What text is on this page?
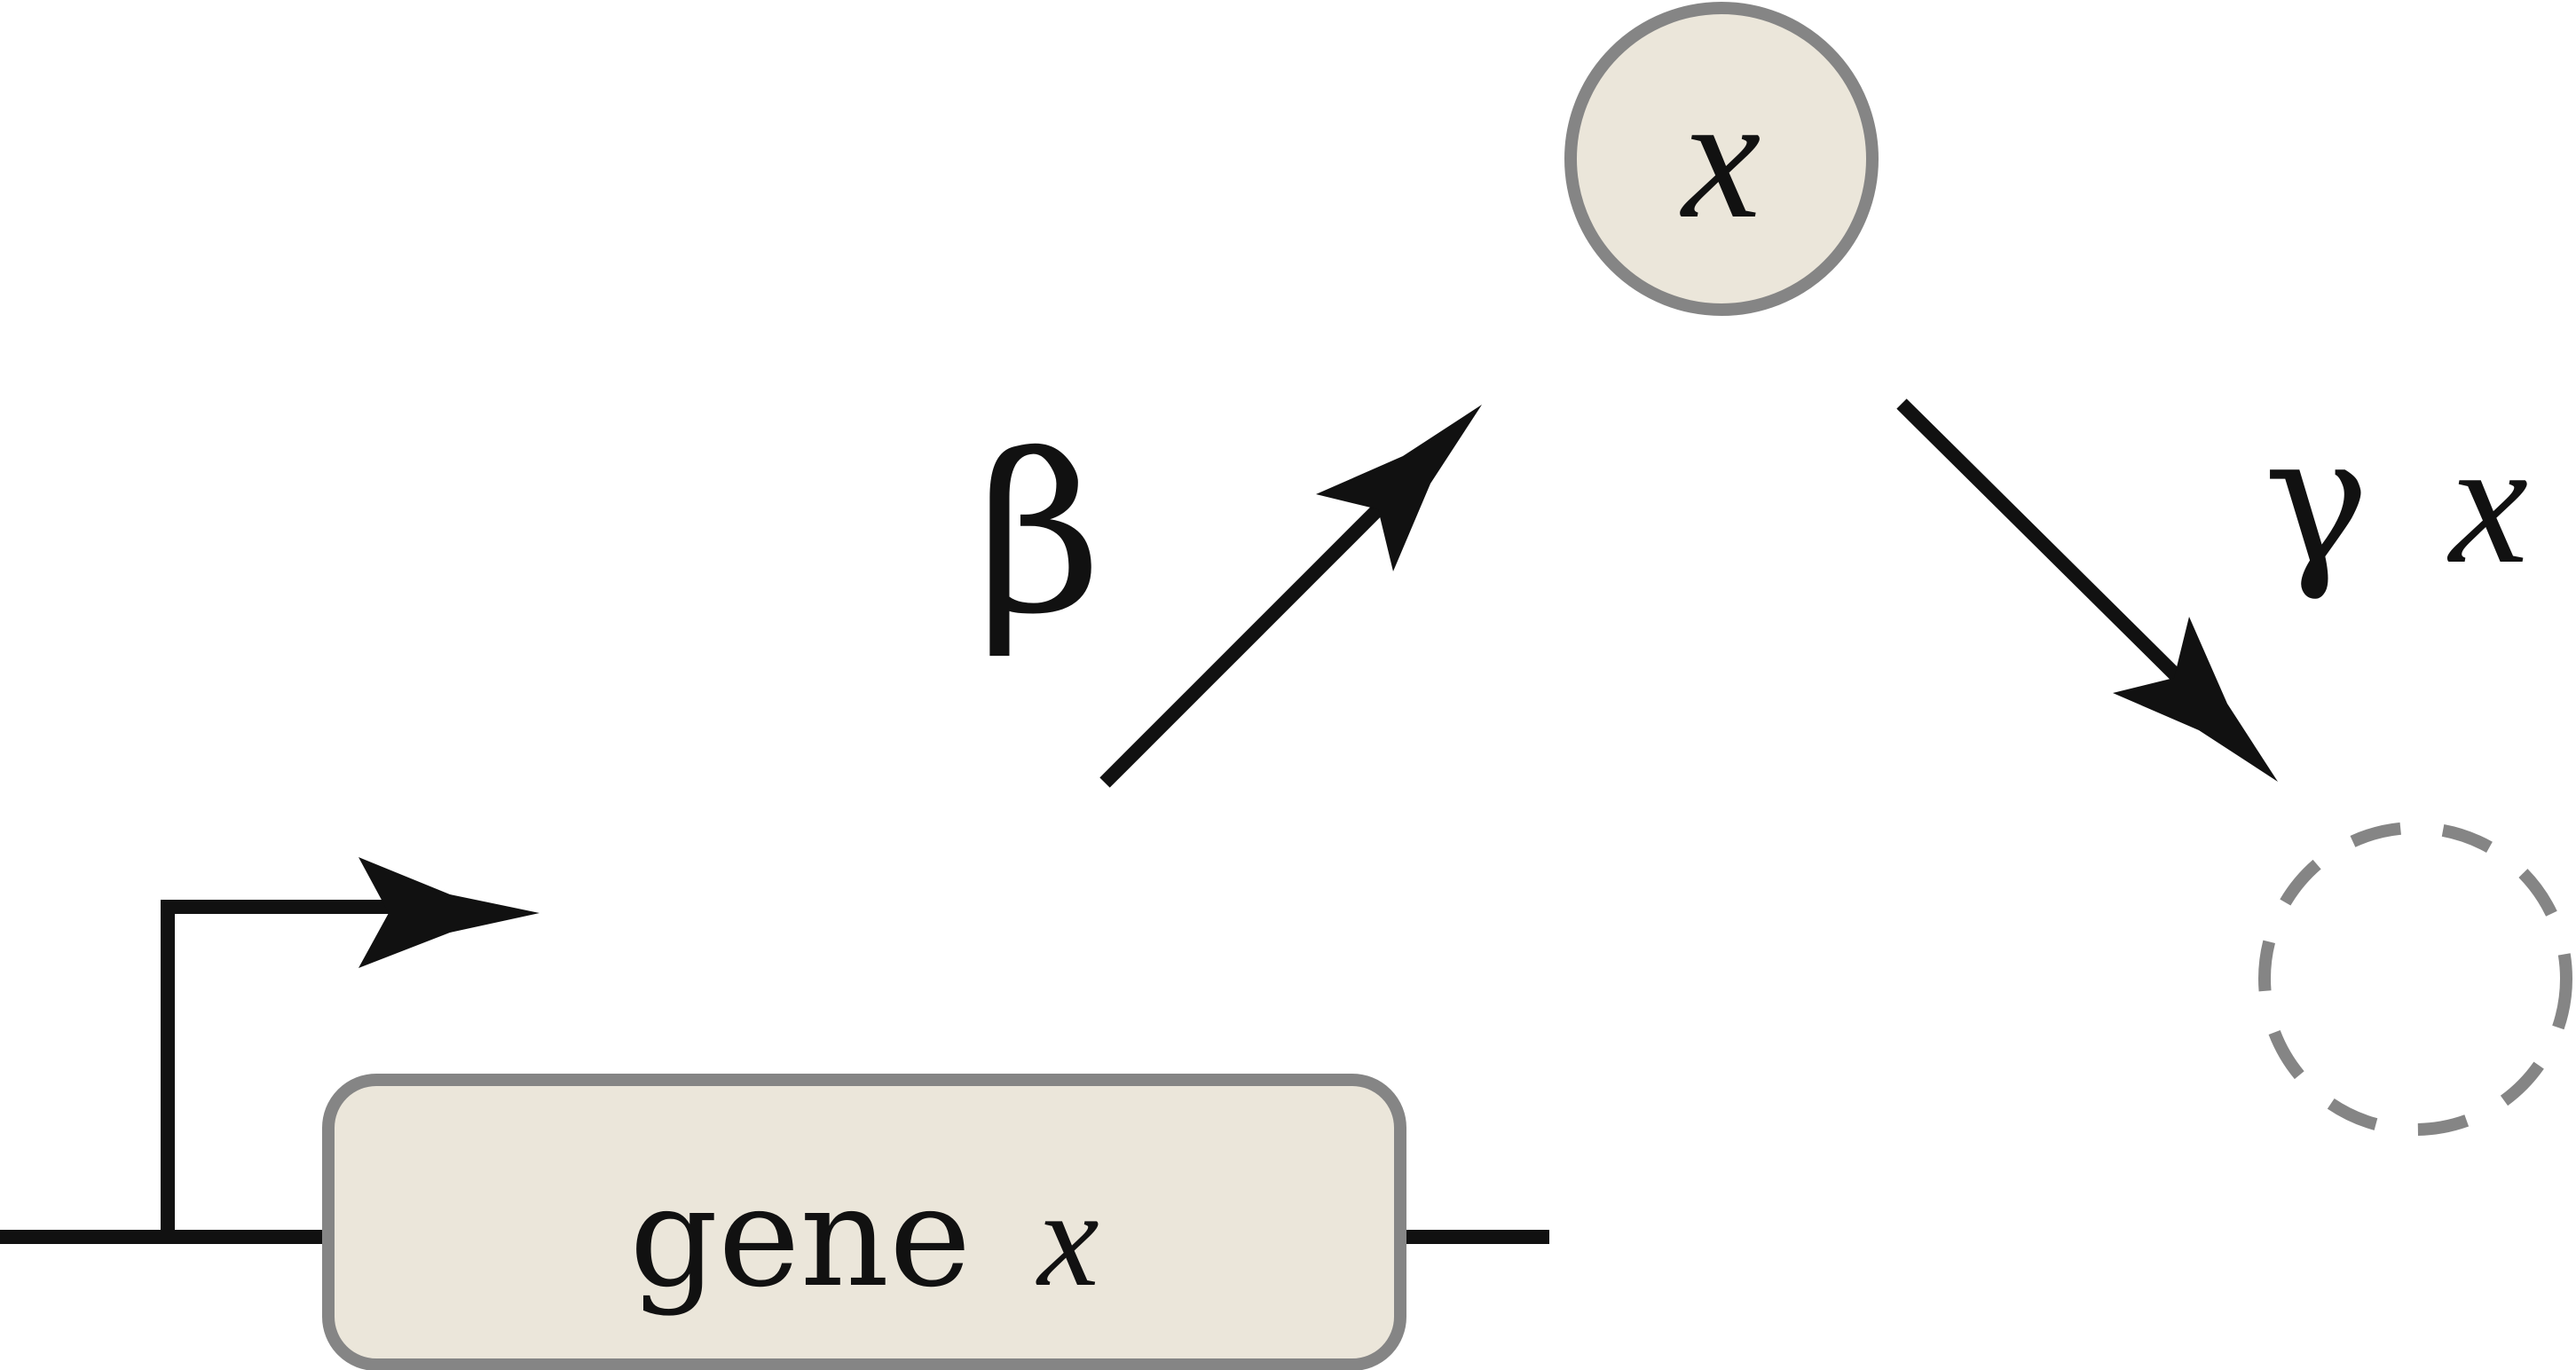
gene x
β
x
γ x
